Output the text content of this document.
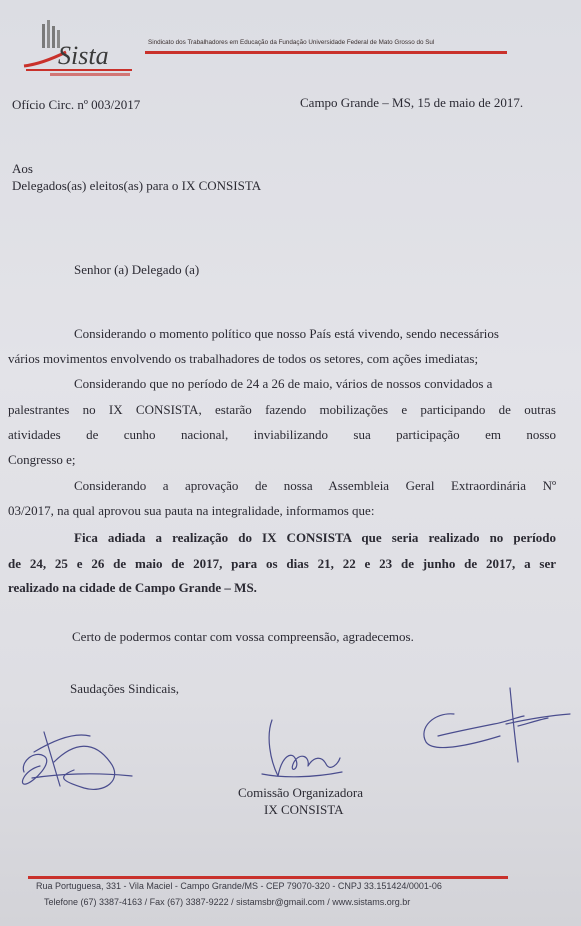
Sista	Sindicato dos Trabalhadores em Educação da Fundação Universidade Federal de Mato Grosso do Sul
Ofício Circ. nº 003/2017	Campo Grande – MS, 15 de maio de 2017.
Aos
Delegados(as) eleitos(as) para o IX CONSISTA
Senhor (a) Delegado (a)
Considerando o momento político que nosso País está vivendo, sendo necessários
vários movimentos envolvendo os trabalhadores de todos os setores, com ações imediatas;
Considerando que no período de 24 a 26 de maio, vários de nossos convidados a
palestrantes no IX CONSISTA, estarão fazendo mobilizações e participando de outras
atividades de cunho nacional, inviabilizando sua participação em nosso
Congresso e;
Considerando a aprovação de nossa Assembleia Geral Extraordinária Nº
03/2017, na qual aprovou sua pauta na integralidade, informamos que:
Fica adiada a realização do IX CONSISTA que seria realizado no período
de 24, 25 e 26 de maio de 2017, para os dias 21, 22 e 23 de junho de 2017, a ser
realizado na cidade de Campo Grande – MS.
Certo de podermos contar com vossa compreensão, agradecemos.
Saudações Sindicais,
Comissão Organizadora
IX CONSISTA
Rua Portuguesa, 331 - Vila Maciel - Campo Grande/MS - CEP 79070-320 - CNPJ 33.151424/0001-06
Telefone (67) 3387-4163 / Fax (67) 3387-9222 / sistamsbr@gmail.com / www.sistams.org.br
